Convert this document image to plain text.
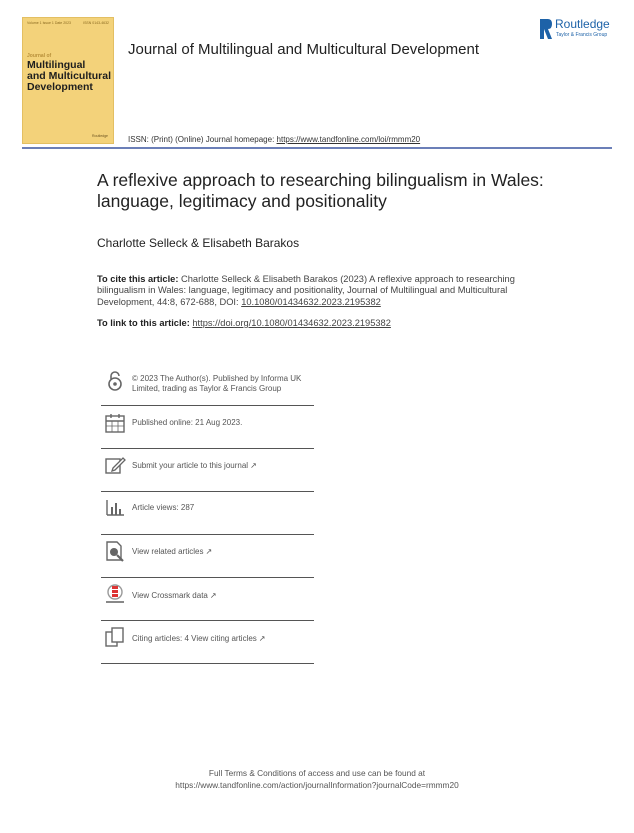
Volume 1 Issue 1 Date 2023	ISSN 0143-4632
Journal of
Multilingual
and Multicultural
Development
Routledge
Journal of Multilingual and Multicultural Development
Routledge
Taylor & Francis Group
ISSN: (Print) (Online) Journal homepage: https://www.tandfonline.com/loi/rmmm20
A reflexive approach to researching bilingualism in Wales: language, legitimacy and positionality
Charlotte Selleck & Elisabeth Barakos
To cite this article: Charlotte Selleck & Elisabeth Barakos (2023) A reflexive approach to researching bilingualism in Wales: language, legitimacy and positionality, Journal of Multilingual and Multicultural Development, 44:8, 672-688, DOI: 10.1080/01434632.2023.2195382
To link to this article: https://doi.org/10.1080/01434632.2023.2195382
© 2023 The Author(s). Published by Informa UK Limited, trading as Taylor & Francis Group
Published online: 21 Aug 2023.
Submit your article to this journal ↗
Article views: 287
View related articles ↗
View Crossmark data ↗
Citing articles: 4 View citing articles ↗
Full Terms & Conditions of access and use can be found at
https://www.tandfonline.com/action/journalInformation?journalCode=rmmm20
